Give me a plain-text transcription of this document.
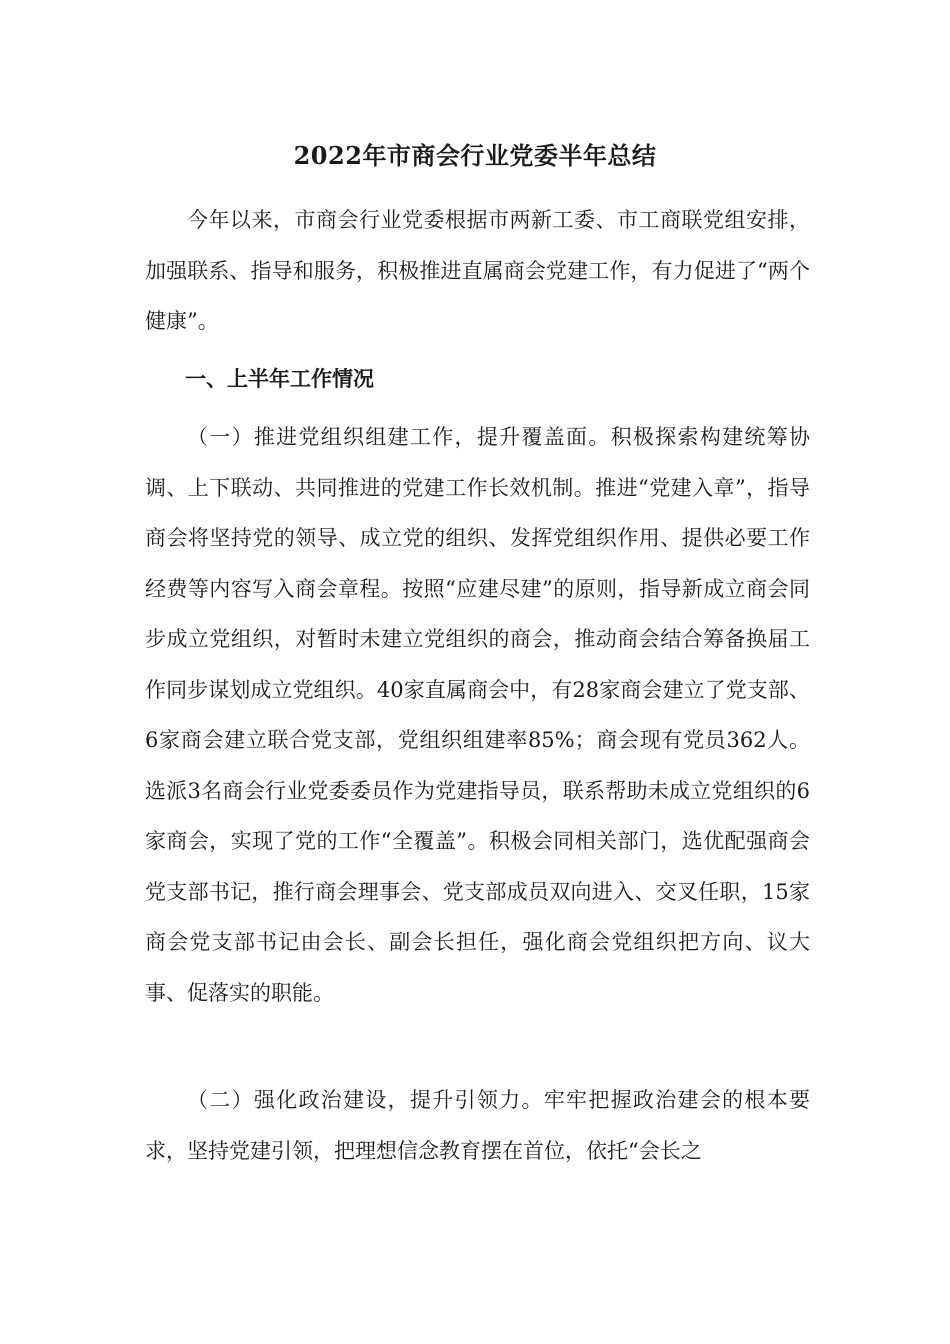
2022年市商会行业党委半年总结

今年以来，市商会行业党委根据市两新工委、市工商联党组安排，加强联系、指导和服务，积极推进直属商会党建工作，有力促进了“两个健康”。

一、上半年工作情况

（一）推进党组织组建工作，提升覆盖面。积极探索构建统筹协调、上下联动、共同推进的党建工作长效机制。推进“党建入章”，指导商会将坚持党的领导、成立党的组织、发挥党组织作用、提供必要工作经费等内容写入商会章程。按照“应建尽建”的原则，指导新成立商会同步成立党组织，对暂时未建立党组织的商会，推动商会结合筹备换届工作同步谋划成立党组织。40家直属商会中，有28家商会建立了党支部、6家商会建立联合党支部，党组织组建率85%；商会现有党员362人。选派3名商会行业党委委员作为党建指导员，联系帮助未成立党组织的6家商会，实现了党的工作“全覆盖”。积极会同相关部门，选优配强商会党支部书记，推行商会理事会、党支部成员双向进入、交叉任职，15家商会党支部书记由会长、副会长担任，强化商会党组织把方向、议大事、促落实的职能。

（二）强化政治建设，提升引领力。牢牢把握政治建会的根本要求，坚持党建引领，把理想信念教育摆在首位，依托“会长之
